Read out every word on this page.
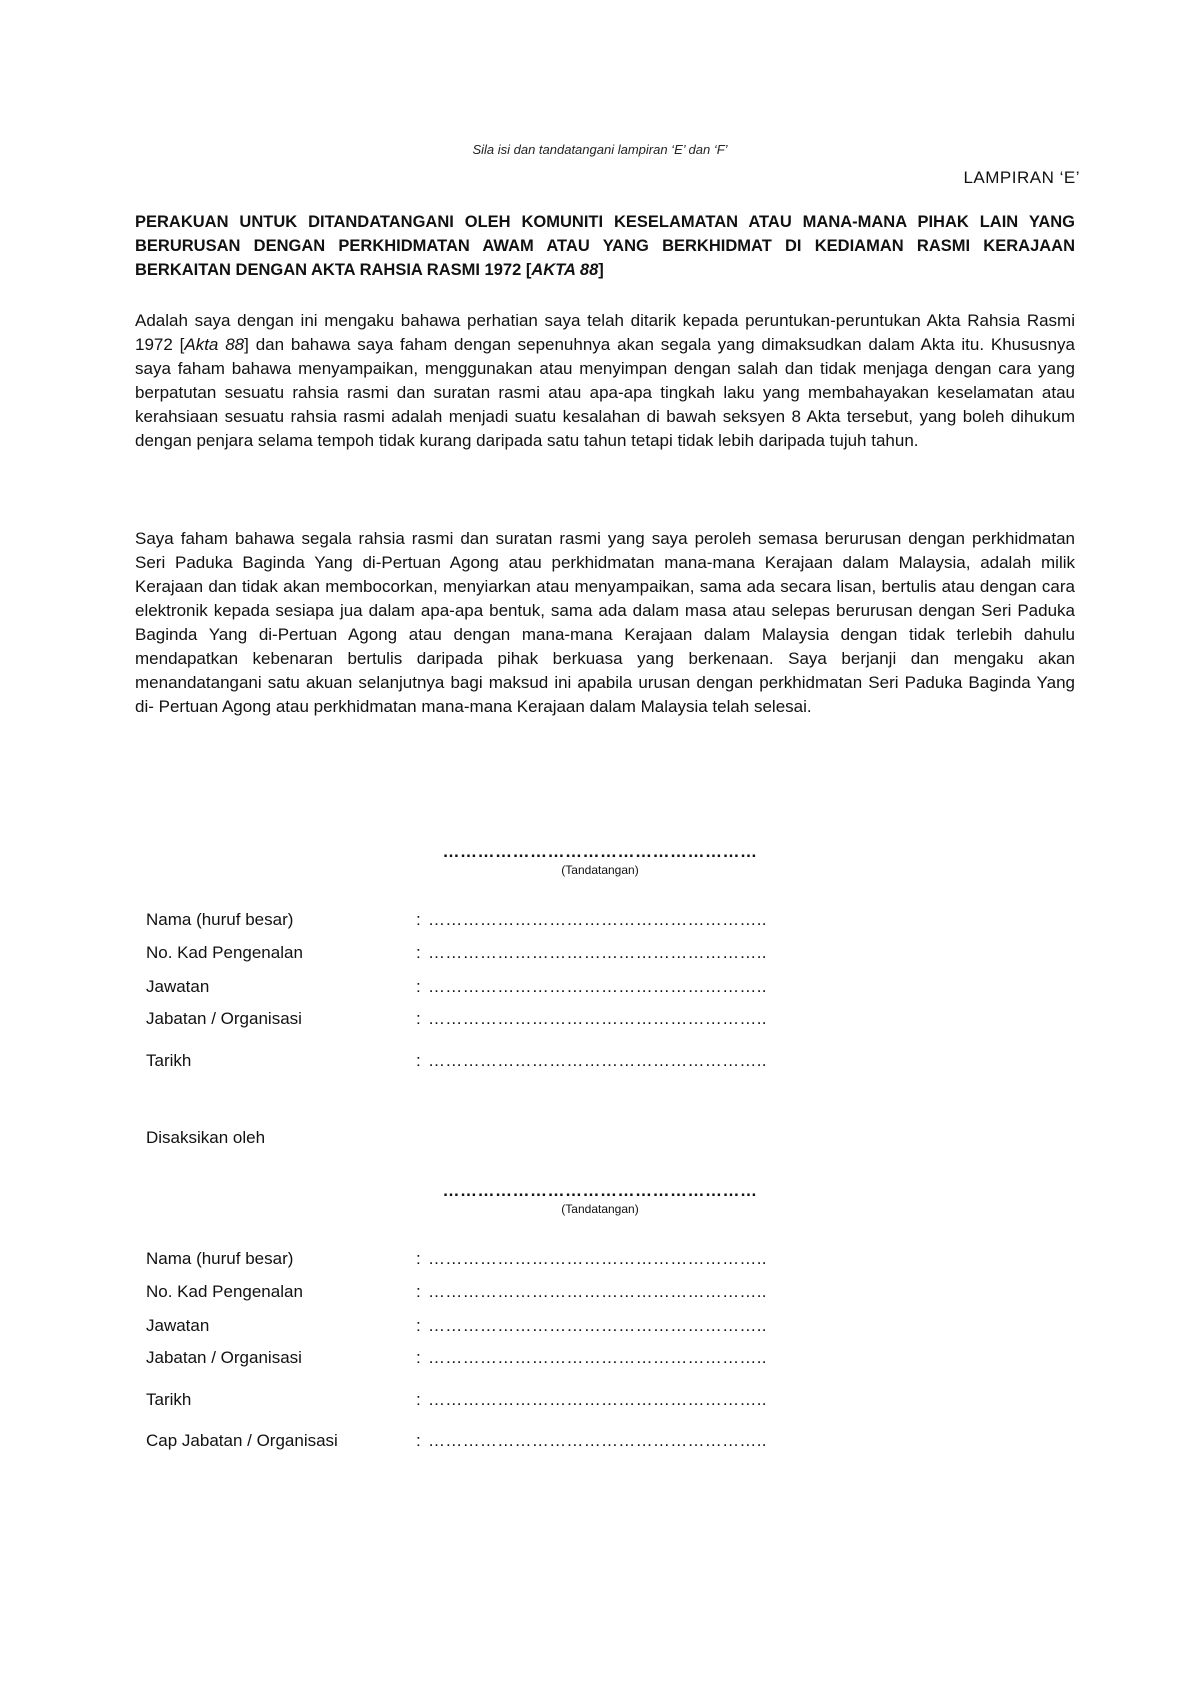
Sila isi dan tandatangani lampiran ‘E’ dan ‘F’
LAMPIRAN ‘E’
PERAKUAN UNTUK DITANDATANGANI OLEH KOMUNITI KESELAMATAN ATAU MANA-MANA PIHAK LAIN YANG BERURUSAN DENGAN PERKHIDMATAN AWAM ATAU YANG BERKHIDMAT DI KEDIAMAN RASMI KERAJAAN BERKAITAN DENGAN AKTA RAHSIA RASMI 1972 [AKTA 88]
Adalah saya dengan ini mengaku bahawa perhatian saya telah ditarik kepada peruntukan-peruntukan Akta Rahsia Rasmi 1972 [Akta 88] dan bahawa saya faham dengan sepenuhnya akan segala yang dimaksudkan dalam Akta itu. Khususnya saya faham bahawa menyampaikan, menggunakan atau menyimpan dengan salah dan tidak menjaga dengan cara yang berpatutan sesuatu rahsia rasmi dan suratan rasmi atau apa-apa tingkah laku yang membahayakan keselamatan atau kerahsiaan sesuatu rahsia rasmi adalah menjadi suatu kesalahan di bawah seksyen 8 Akta tersebut, yang boleh dihukum dengan penjara selama tempoh tidak kurang daripada satu tahun tetapi tidak lebih daripada tujuh tahun.
Saya faham bahawa segala rahsia rasmi dan suratan rasmi yang saya peroleh semasa berurusan dengan perkhidmatan Seri Paduka Baginda Yang di-Pertuan Agong atau perkhidmatan mana-mana Kerajaan dalam Malaysia, adalah milik Kerajaan dan tidak akan membocorkan, menyiarkan atau menyampaikan, sama ada secara lisan, bertulis atau dengan cara elektronik kepada sesiapa jua dalam apa-apa bentuk, sama ada dalam masa atau selepas berurusan dengan Seri Paduka Baginda Yang di-Pertuan Agong atau dengan mana-mana Kerajaan dalam Malaysia dengan tidak terlebih dahulu mendapatkan kebenaran bertulis daripada pihak berkuasa yang berkenaan. Saya berjanji dan mengaku akan menandatangani satu akuan selanjutnya bagi maksud ini apabila urusan dengan perkhidmatan Seri Paduka Baginda Yang di- Pertuan Agong atau perkhidmatan mana-mana Kerajaan dalam Malaysia telah selesai.
………………………………………………
(Tandatangan)
Nama (huruf besar)	: …………………………………………………..
No. Kad Pengenalan	: …………………………………………………..
Jawatan	: …………………………………………………..
Jabatan / Organisasi	: …………………………………………………..
Tarikh	: …………………………………………………..
Disaksikan oleh
………………………………………………
(Tandatangan)
Nama (huruf besar)	: …………………………………………………..
No. Kad Pengenalan	: …………………………………………………..
Jawatan	: …………………………………………………..
Jabatan / Organisasi	: …………………………………………………..
Tarikh	: …………………………………………………..
Cap Jabatan / Organisasi	: …………………………………………………..
